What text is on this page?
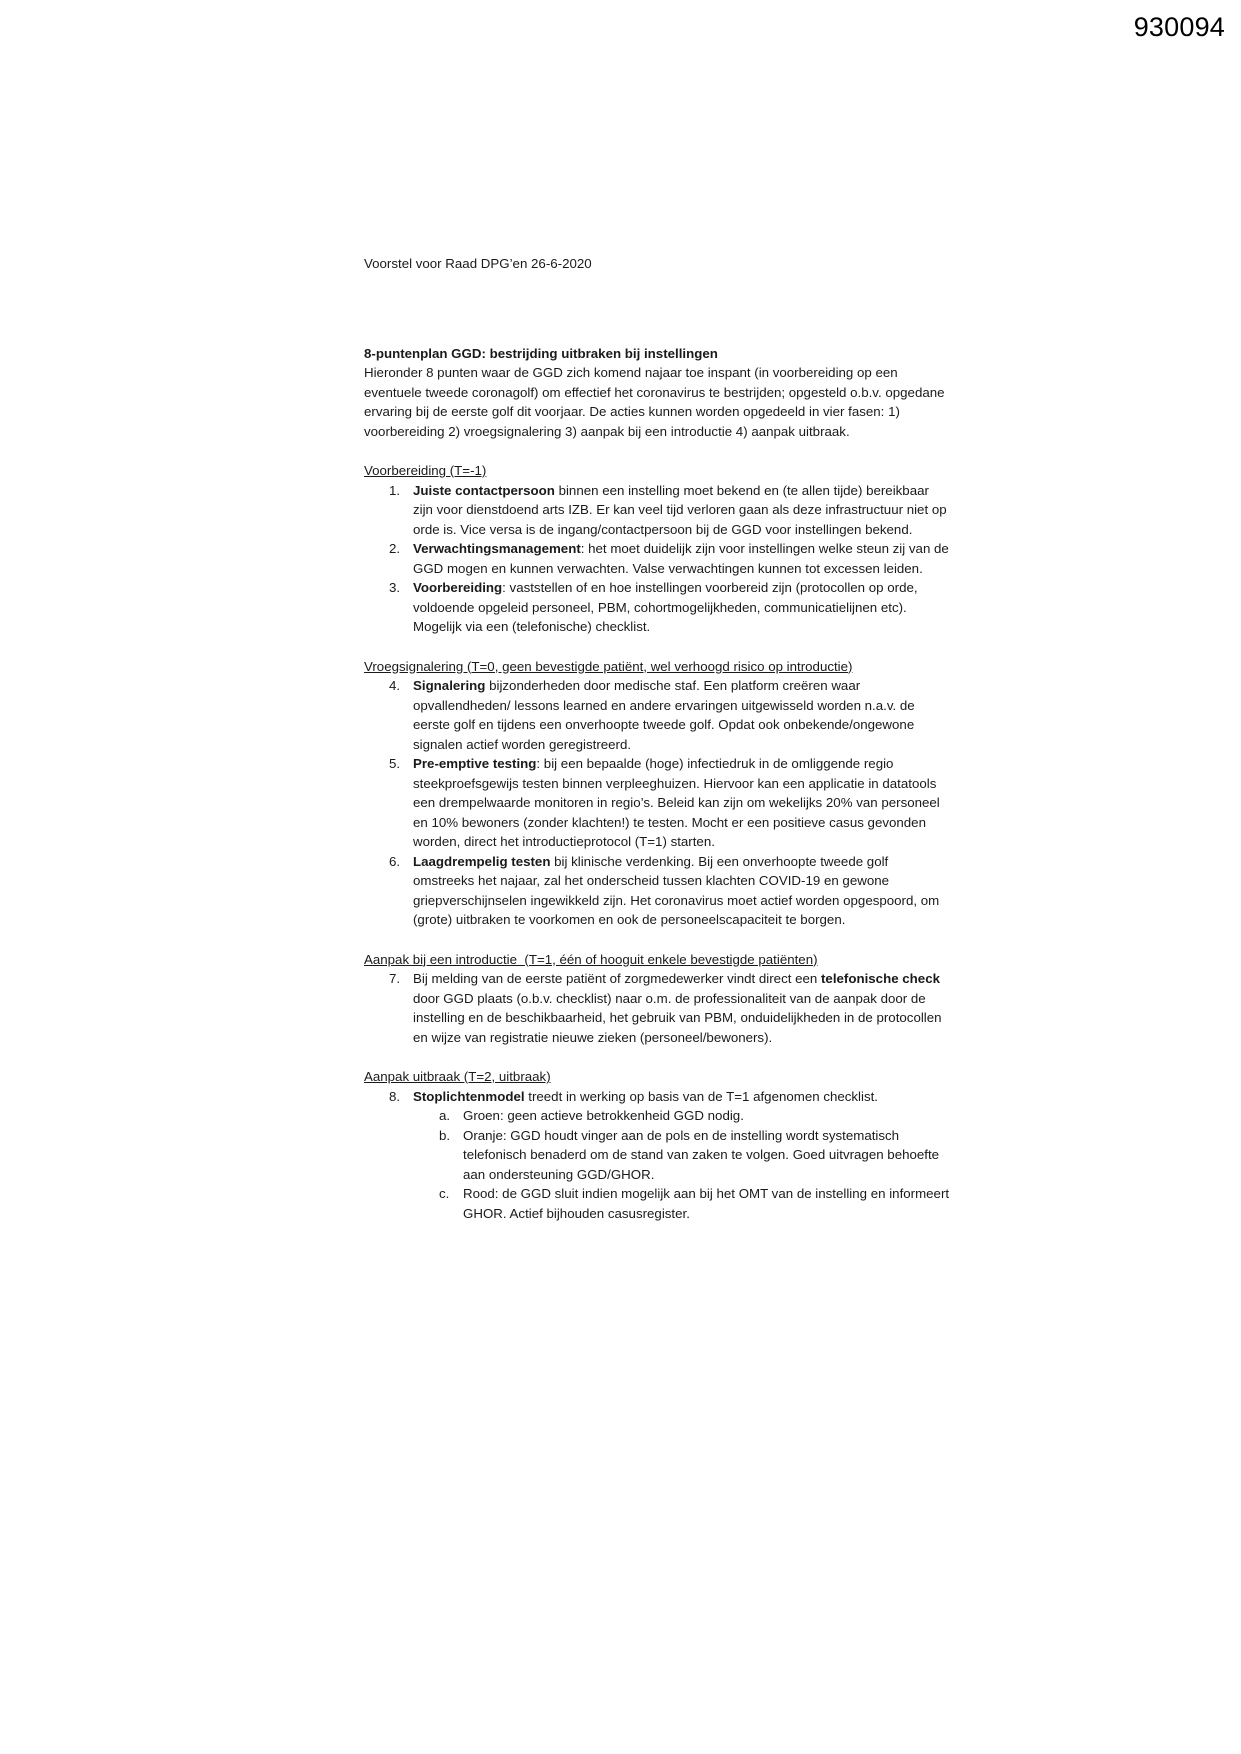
930094

Voorstel voor Raad DPG’en 26-6-2020

8-puntenplan GGD: bestrijding uitbraken bij instellingen

Hieronder 8 punten waar de GGD zich komend najaar toe inspant (in voorbereiding op een eventuele tweede coronagolf) om effectief het coronavirus te bestrijden; opgesteld o.b.v. opgedane ervaring bij de eerste golf dit voorjaar. De acties kunnen worden opgedeeld in vier fasen: 1) voorbereiding 2) vroegsignalering 3) aanpak bij een introductie 4) aanpak uitbraak.

Voorbereiding (T=-1)

1. Juiste contactpersoon binnen een instelling moet bekend en (te allen tijde) bereikbaar zijn voor dienstdoend arts IZB. Er kan veel tijd verloren gaan als deze infrastructuur niet op orde is. Vice versa is de ingang/contactpersoon bij de GGD voor instellingen bekend.
2. Verwachtingsmanagement: het moet duidelijk zijn voor instellingen welke steun zij van de GGD mogen en kunnen verwachten. Valse verwachtingen kunnen tot excessen leiden.
3. Voorbereiding: vaststellen of en hoe instellingen voorbereid zijn (protocollen op orde, voldoende opgeleid personeel, PBM, cohortmogelijkheden, communicatielijnen etc). Mogelijk via een (telefonische) checklist.

Vroegsignalering (T=0, geen bevestigde patiënt, wel verhoogd risico op introductie)

4. Signalering bijzonderheden door medische staf. Een platform creëren waar opvallendheden/ lessons learned en andere ervaringen uitgewisseld worden n.a.v. de eerste golf en tijdens een onverhoopte tweede golf. Opdat ook onbekende/ongewone signalen actief worden geregistreerd.
5. Pre-emptive testing: bij een bepaalde (hoge) infectiedruk in de omliggende regio steekproefsgewijs testen binnen verpleeghuizen. Hiervoor kan een applicatie in datatools een drempelwaarde monitoren in regio’s. Beleid kan zijn om wekelijks 20% van personeel en 10% bewoners (zonder klachten!) te testen. Mocht er een positieve casus gevonden worden, direct het introductieprotocol (T=1) starten.
6. Laagdrempelig testen bij klinische verdenking. Bij een onverhoopte tweede golf omstreeks het najaar, zal het onderscheid tussen klachten COVID-19 en gewone griepverschijnselen ingewikkeld zijn. Het coronavirus moet actief worden opgespoord, om (grote) uitbraken te voorkomen en ook de personeelscapaciteit te borgen.

Aanpak bij een introductie  (T=1, één of hooguit enkele bevestigde patiënten)

7. Bij melding van de eerste patiënt of zorgmedewerker vindt direct een telefonische check door GGD plaats (o.b.v. checklist) naar o.m. de professionaliteit van de aanpak door de instelling en de beschikbaarheid, het gebruik van PBM, onduidelijkheden in de protocollen en wijze van registratie nieuwe zieken (personeel/bewoners).

Aanpak uitbraak (T=2, uitbraak)

8. Stoplichtenmodel treedt in werking op basis van de T=1 afgenomen checklist.
a. Groen: geen actieve betrokkenheid GGD nodig.
b. Oranje: GGD houdt vinger aan de pols en de instelling wordt systematisch telefonisch benaderd om de stand van zaken te volgen. Goed uitvragen behoefte aan ondersteuning GGD/GHOR.
c. Rood: de GGD sluit indien mogelijk aan bij het OMT van de instelling en informeert GHOR. Actief bijhouden casusregister.
